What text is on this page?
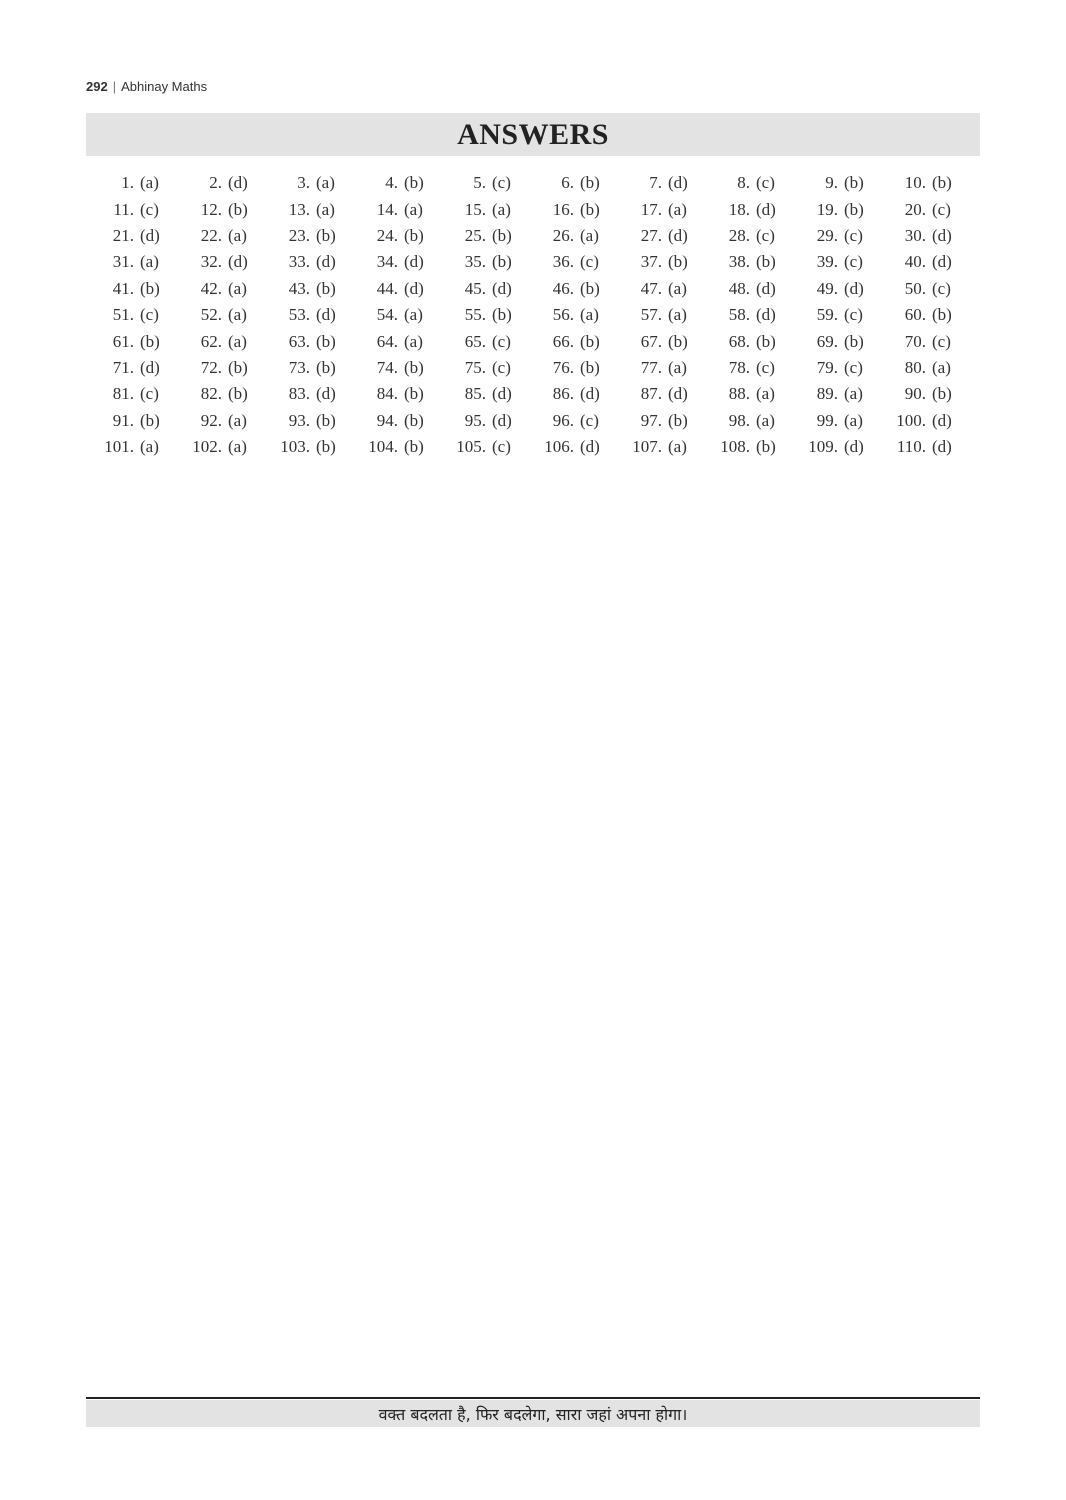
292 | Abhinay Maths
ANSWERS
1. (a)	2. (d)	3. (a)	4. (b)	5. (c)	6. (b)	7. (d)	8. (c)	9. (b) 10. (b)
11. (c) 12. (b) 13. (a) 14. (a) 15. (a) 16. (b) 17. (a) 18. (d) 19. (b) 20. (c)
21. (d) 22. (a) 23. (b) 24. (b) 25. (b) 26. (a) 27. (d) 28. (c) 29. (c) 30. (d)
31. (a) 32. (d) 33. (d) 34. (d) 35. (b) 36. (c) 37. (b) 38. (b) 39. (c) 40. (d)
41. (b) 42. (a) 43. (b) 44. (d) 45. (d) 46. (b) 47. (a) 48. (d) 49. (d) 50. (c)
51. (c) 52. (a) 53. (d) 54. (a) 55. (b) 56. (a) 57. (a) 58. (d) 59. (c) 60. (b)
61. (b) 62. (a) 63. (b) 64. (a) 65. (c) 66. (b) 67. (b) 68. (b) 69. (b) 70. (c)
71. (d) 72. (b) 73. (b) 74. (b) 75. (c) 76. (b) 77. (a) 78. (c) 79. (c) 80. (a)
81. (c) 82. (b) 83. (d) 84. (b) 85. (d) 86. (d) 87. (d) 88. (a) 89. (a) 90. (b)
91. (b) 92. (a) 93. (b) 94. (b) 95. (d) 96. (c) 97. (b) 98. (a) 99. (a) 100. (d)
101. (a) 102. (a) 103. (b) 104. (b) 105. (c) 106. (d) 107. (a) 108. (b) 109. (d) 110. (d)
वक्त बदलता है, फिर बदलेगा, सारा जहां अपना होगा।
